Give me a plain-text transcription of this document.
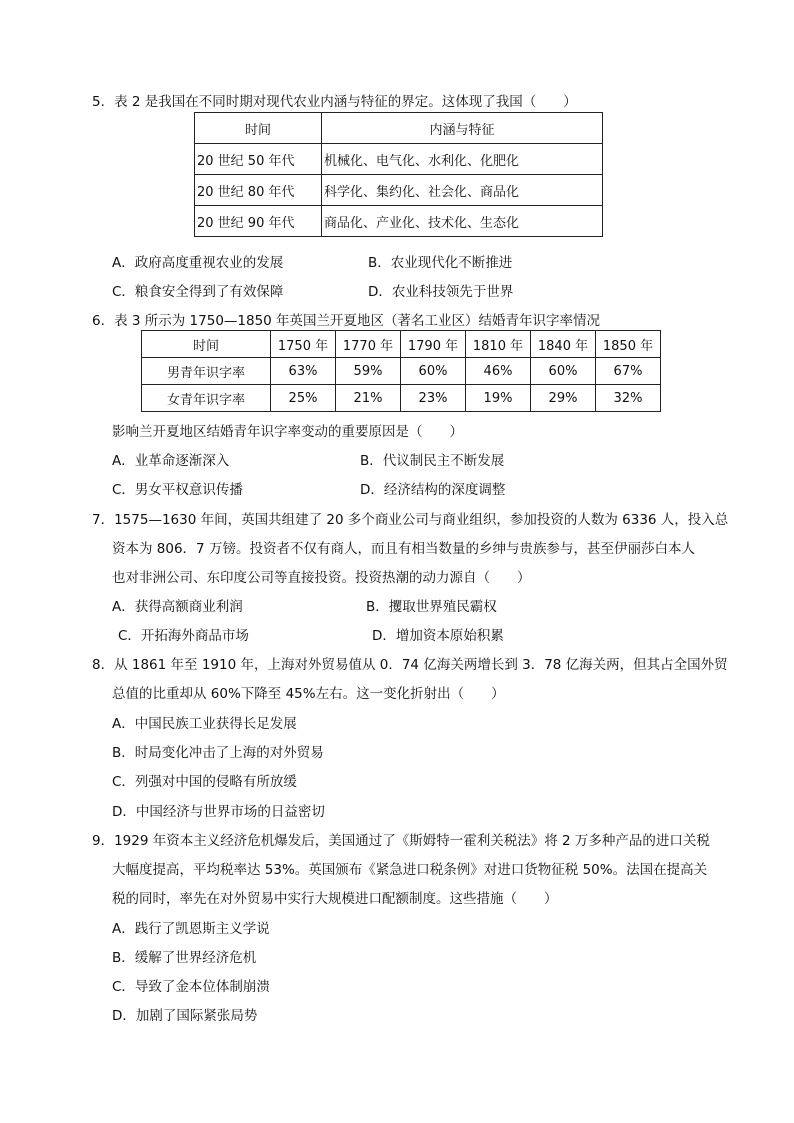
5．表 2 是我国在不同时期对现代农业内涵与特征的界定。这体现了我国（　　）
时间	内涵与特征
20 世纪 50 年代	机械化、电气化、水利化、化肥化
20 世纪 80 年代	科学化、集约化、社会化、商品化
20 世纪 90 年代	商品化、产业化、技术化、生态化
A．政府高度重视农业的发展	B．农业现代化不断推进
C．粮食安全得到了有效保障	D．农业科技领先于世界
6．表 3 所示为 1750—1850 年英国兰开夏地区（著名工业区）结婚青年识字率情况
时间	1750 年	1770 年	1790 年	1810 年	1840 年	1850 年
男青年识字率	63%	59%	60%	46%	60%	67%
女青年识字率	25%	21%	23%	19%	29%	32%
影响兰开夏地区结婚青年识字率变动的重要原因是（　　）
A．业革命逐渐深入	B．代议制民主不断发展
C．男女平权意识传播	D．经济结构的深度调整
7．1575—1630 年间，英国共组建了 20 多个商业公司与商业组织，参加投资的人数为 6336 人，投入总
资本为 806．7 万镑。投资者不仅有商人，而且有相当数量的乡绅与贵族参与，甚至伊丽莎白本人
也对非洲公司、东印度公司等直接投资。投资热潮的动力源自（　　）
A．获得高额商业利润	B．攫取世界殖民霸权
C．开拓海外商品市场	D．增加资本原始积累
8．从 1861 年至 1910 年，上海对外贸易值从 0．74 亿海关两增长到 3．78 亿海关两，但其占全国外贸
总值的比重却从 60%下降至 45%左右。这一变化折射出（　　）
A．中国民族工业获得长足发展
B．时局变化冲击了上海的对外贸易
C．列强对中国的侵略有所放缓
D．中国经济与世界市场的日益密切
9．1929 年资本主义经济危机爆发后，美国通过了《斯姆特一霍利关税法》将 2 万多种产品的进口关税
大幅度提高，平均税率达 53%。英国颁布《紧急进口税条例》对进口货物征税 50%。法国在提高关
税的同时，率先在对外贸易中实行大规模进口配额制度。这些措施（　　）
A．践行了凯恩斯主义学说
B．缓解了世界经济危机
C．导致了金本位体制崩溃
D．加剧了国际紧张局势
